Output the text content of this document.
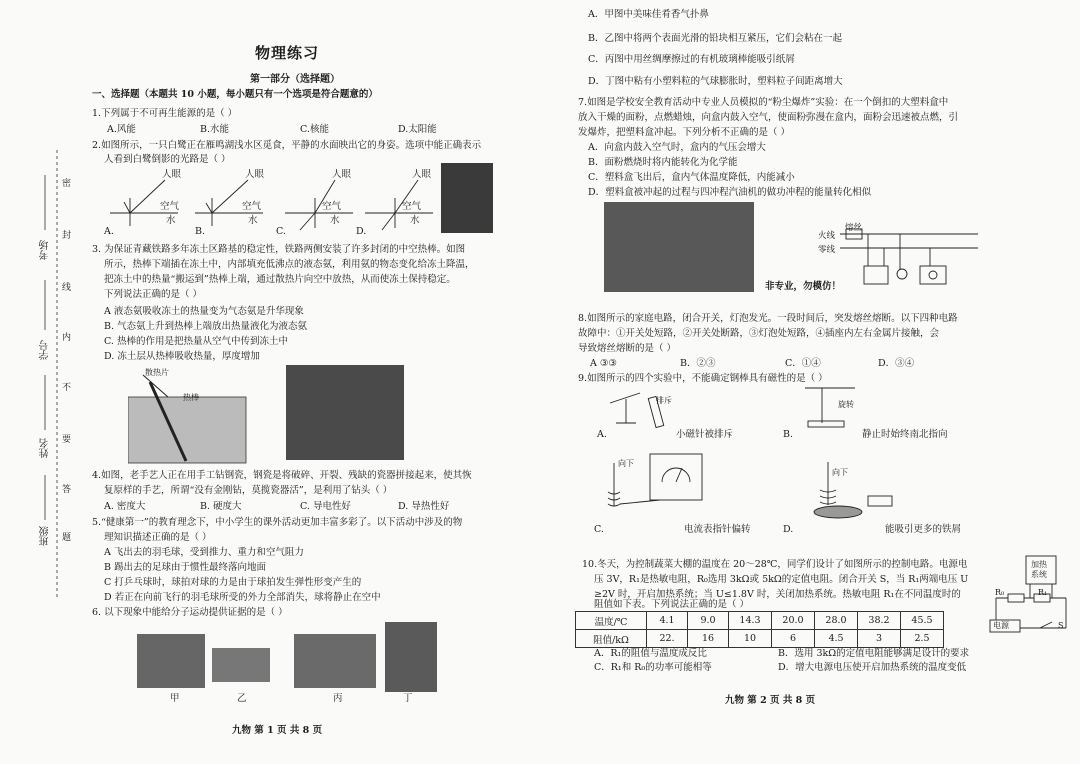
考场
学号
姓名
班级
密
封
线
内
不
要
答
题
物理练习
第一部分（选择题）
一、选择题（本题共 10 小题，每小题只有一个选项是符合题意的）
1.下列属于不可再生能源的是（ ）
A.风能	B.水能	C.核能	D.太阳能
2.如图所示，一只白鹭正在雁鸣湖浅水区觅食，平静的水面映出它的身姿。选项中能正确表示
人看到白鹭倒影的光路是（ ）
人眼	人眼	人眼	人眼
空气	空气	空气	空气
水	水	水	水
A.	B.	C.	D.
3. 为保证青藏铁路多年冻土区路基的稳定性，铁路两侧安装了许多封闭的中空热棒。如图
所示，热棒下端插在冻土中，内部填充低沸点的液态氨，利用氨的物态变化给冻土降温，
把冻土中的热量“搬运到”热棒上端，通过散热片向空中放热，从而使冻土保持稳定。
下列说法正确的是（ ）
A 液态氨吸收冻土的热量变为气态氨是升华现象
B. 气态氨上升到热棒上端放出热量液化为液态氨
C. 热棒的作用是把热量从空气中传到冻土中
D. 冻土层从热棒吸收热量，厚度增加
散热片
热棒
4.如图，老手艺人正在用手工钻钢瓷，钢瓷是将破碎、开裂、残缺的瓷器拼接起来，使其恢
复原样的手艺，所谓“没有金刚钻，莫揽瓷器活”，是利用了钻头（ ）
A. 密度大	B. 硬度大	C. 导电性好	D. 导热性好
5.“健康第一”的教育理念下，中小学生的课外活动更加丰富多彩了。以下活动中涉及的物
理知识描述正确的是（ ）
A 飞出去的羽毛球，受到推力、重力和空气阻力
B 踢出去的足球由于惯性最终落向地面
C 打乒乓球时，球拍对球的力是由于球拍发生弹性形变产生的
D 若正在向前飞行的羽毛球所受的外力全部消失，球将静止在空中
6. 以下现象中能给分子运动提供证据的是（ ）
甲	乙	丙	丁
九物 第 1 页 共 8 页
A．甲图中美味佳肴香气扑鼻
B．乙图中将两个表面光滑的铅块相互紧压，它们会粘在一起
C．丙图中用丝绸摩擦过的有机玻璃棒能吸引纸屑
D．丁图中粘有小塑料粒的气球膨胀时，塑料粒子间距离增大
7.如图是学校安全教育活动中专业人员模拟的“粉尘爆炸”实验：在一个倒扣的大塑料盒中
放入干燥的面粉，点燃蜡烛，向盒内鼓入空气，使面粉弥漫在盒内，面粉会迅速被点燃，引
发爆炸，把塑料盒冲起。下列分析不正确的是（ ）
A．向盒内鼓入空气时，盒内的气压会增大
B．面粉燃烧时将内能转化为化学能
C．塑料盒飞出后，盒内气体温度降低，内能减小
D．塑料盒被冲起的过程与四冲程汽油机的做功冲程的能量转化相似
非专业，勿模仿！
熔丝
火线
零线
8.如图所示的家庭电路，闭合开关，灯泡发光。一段时间后，突发熔丝熔断。以下四种电路
故障中：①开关处短路，②开关处断路，③灯泡处短路，④插座内左右金属片接触，会
导致熔丝熔断的是（ ）
A ③③	B．②③	C．①④	D．③④
9.如图所示的四个实验中，不能确定钢棒具有磁性的是（ ）
排斥
A.	小磁针被排斥
旋转
B.	静止时始终南北指向
向下
C.	电流表指针偏转
向下
D.	能吸引更多的铁屑
10.冬天，为控制蔬菜大棚的温度在 20～28℃，同学们设计了如图所示的控制电路。电源电
压 3V，R₁是热敏电阻，R₀选用 3kΩ或 5kΩ的定值电阻。闭合开关 S，当 R₁两端电压 U
≥2V 时，开启加热系统；当 U≤1.8V 时，关闭加热系统。热敏电阻 R₁在不同温度时的
阻值如下表。下列说法正确的是（ ）
温度/℃	4.1	9.0	14.3	20.0	28.0	38.2	45.5
阻值/kΩ	22.	16	10	6	4.5	3	2.5
A．R₁的阻值与温度成反比	B．选用 3kΩ的定值电阻能够满足设计的要求
C．R₁和 R₀的功率可能相等	D．增大电源电压使开启加热系统的温度变低
加热
系统
R₀	R₁
电源	S
九物 第 2 页 共 8 页
